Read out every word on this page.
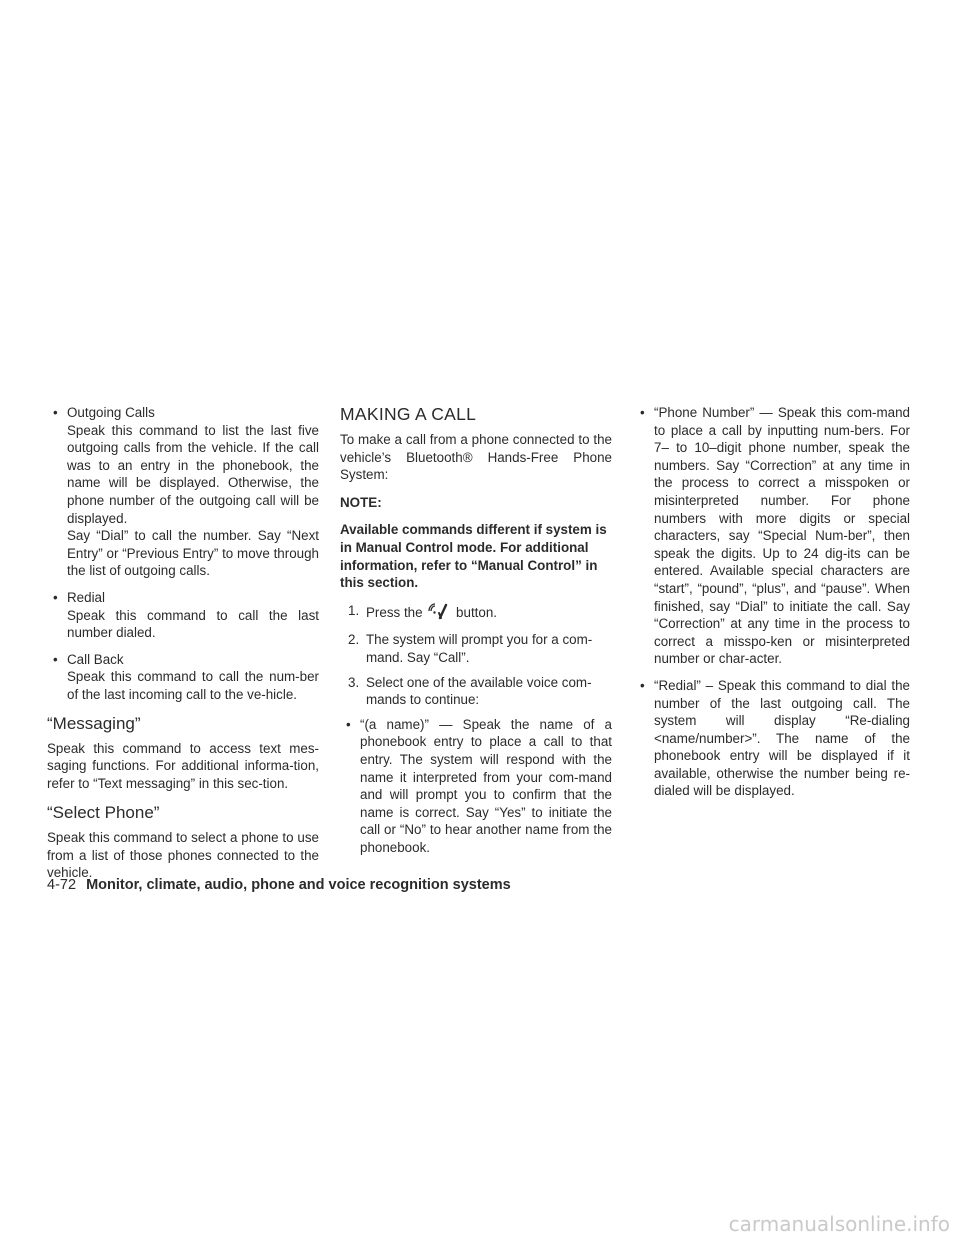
• Outgoing Calls
Speak this command to list the last five outgoing calls from the vehicle. If the call was to an entry in the phonebook, the name will be displayed. Otherwise, the phone number of the outgoing call will be displayed.
Say “Dial” to call the number. Say “Next Entry” or “Previous Entry” to move through the list of outgoing calls.
• Redial
Speak this command to call the last number dialed.
• Call Back
Speak this command to call the num-ber of the last incoming call to the ve-hicle.
“Messaging”

Speak this command to access text mes-saging functions. For additional informa-tion, refer to “Text messaging” in this sec-tion.

“Select Phone”

Speak this command to select a phone to use from a list of those phones connected to the vehicle.

MAKING A CALL

To make a call from a phone connected to the vehicle’s Bluetooth® Hands-Free Phone System:

NOTE:

Available commands different if system is in Manual Control mode. For additional information, refer to “Manual Control” in this section.

1. Press the button.
2. The system will prompt you for a com-mand. Say “Call”.
3. Select one of the available voice com-mands to continue:
• “(a name)” — Speak the name of a phonebook entry to place a call to that entry. The system will respond with the name it interpreted from your com-mand and will prompt you to confirm that the name is correct. Say “Yes” to initiate the call or “No” to hear another name from the phonebook.
• “Phone Number” — Speak this com-mand to place a call by inputting num-bers. For 7– to 10–digit phone number, speak the numbers. Say “Correction” at any time in the process to correct a misspoken or misinterpreted number. For phone numbers with more digits or special characters, say “Special Num-ber”, then speak the digits. Up to 24 dig-its can be entered. Available special characters are “start”, “pound”, “plus”, and “pause”. When finished, say “Dial” to initiate the call. Say “Correction” at any time in the process to correct a misspo-ken or misinterpreted number or char-acter.
• “Redial” – Speak this command to dial the number of the last outgoing call. The system will display “Re-dialing <name/number>”. The name of the phonebook entry will be displayed if it available, otherwise the number being re-dialed will be displayed.
4-72 Monitor, climate, audio, phone and voice recognition systems
carmanualsonline.info
